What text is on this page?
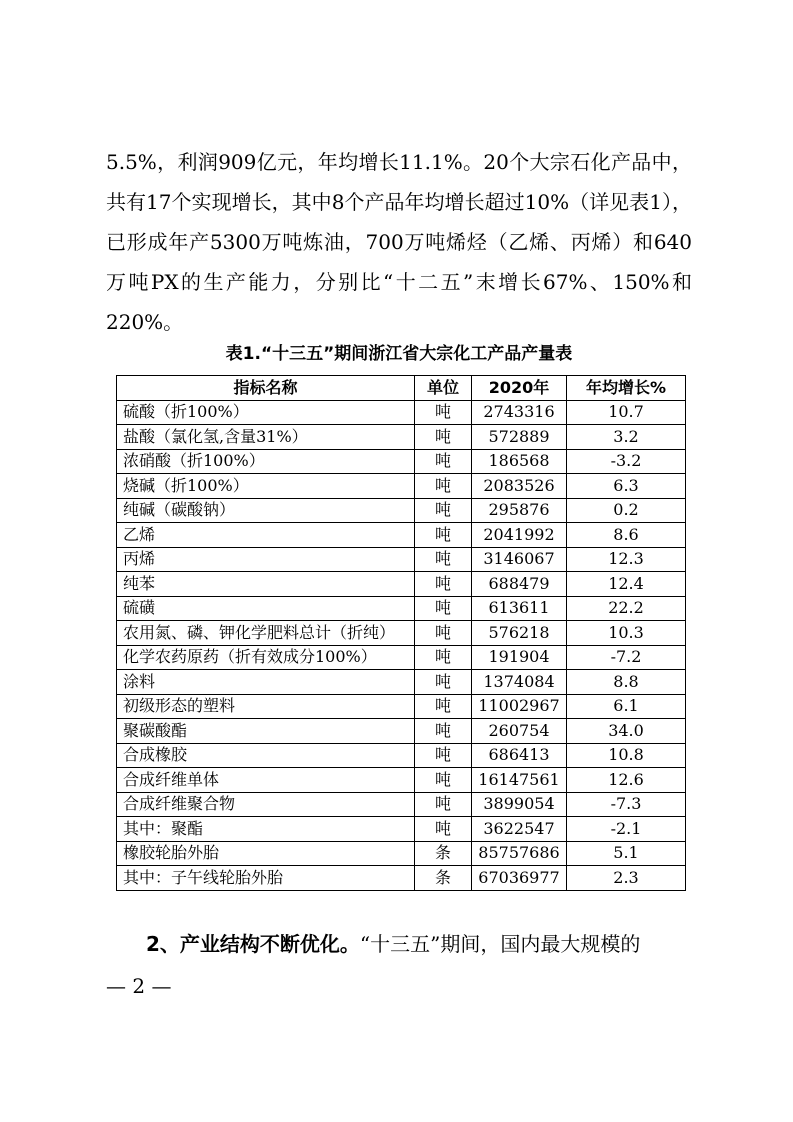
5.5%，利润909亿元，年均增长11.1%。20个大宗石化产品中，共有17个实现增长，其中8个产品年均增长超过10%（详见表1），已形成年产5300万吨炼油，700万吨烯烃（乙烯、丙烯）和640万吨PX的生产能力，分别比“十二五”末增长67%、150%和220%。

表1.“十三五”期间浙江省大宗化工产品产量表
指标名称	单位	2020年	年均增长%
硫酸（折100%）	吨	2743316	10.7
盐酸（氯化氢,含量31%）	吨	572889	3.2
浓硝酸（折100%）	吨	186568	-3.2
烧碱（折100%）	吨	2083526	6.3
纯碱（碳酸钠）	吨	295876	0.2
乙烯	吨	2041992	8.6
丙烯	吨	3146067	12.3
纯苯	吨	688479	12.4
硫磺	吨	613611	22.2
农用氮、磷、钾化学肥料总计（折纯）	吨	576218	10.3
化学农药原药（折有效成分100%）	吨	191904	-7.2
涂料	吨	1374084	8.8
初级形态的塑料	吨	11002967	6.1
聚碳酸酯	吨	260754	34.0
合成橡胶	吨	686413	10.8
合成纤维单体	吨	16147561	12.6
合成纤维聚合物	吨	3899054	-7.3
其中：聚酯	吨	3622547	-2.1
橡胶轮胎外胎	条	85757686	5.1
其中：子午线轮胎外胎	条	67036977	2.3

2、产业结构不断优化。“十三五”期间，国内最大规模的

— 2 —
